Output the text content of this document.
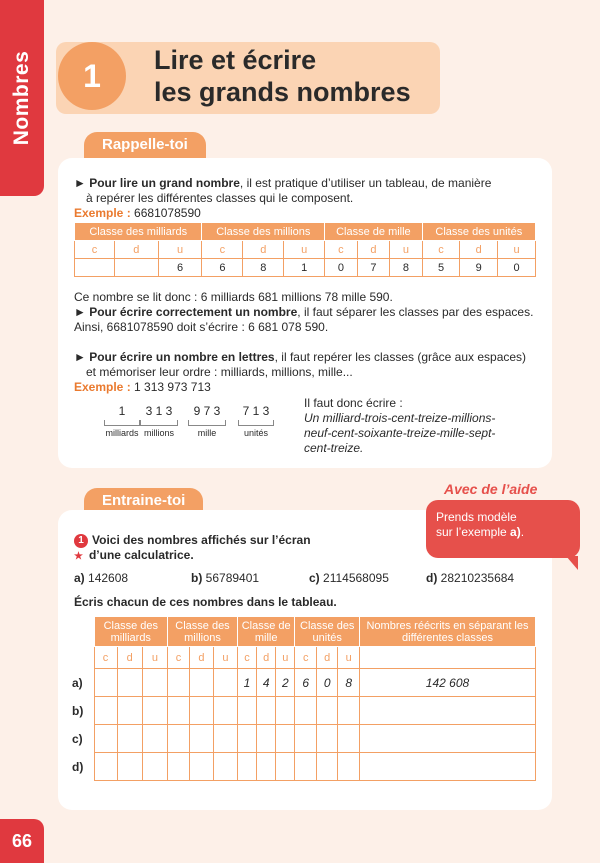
Nombres
66
1	Lire et écrire
les grands nombres
Rappelle-toi
► Pour lire un grand nombre, il est pratique d’utiliser un tableau, de manière
à repérer les différentes classes qui le composent.
Exemple : 6681078590
Classe des milliards			Classe des millions			Classe de mille			Classe des unités		
c	d	u	c	d	u	c	d	u	c	d	u
		6	6	8	1	0	7	8	5	9	0
Ce nombre se lit donc : 6 milliards 681 millions 78 mille 590.
► Pour écrire correctement un nombre, il faut séparer les classes par des espaces.
Ainsi, 6681078590 doit s’écrire : 6 681 078 590.
► Pour écrire un nombre en lettres, il faut repérer les classes (grâce aux espaces)
et mémoriser leur ordre : milliards, millions, mille...
Exemple : 1 313 973 713
1
milliards
3 1 3
millions
9 7 3
mille
7 1 3
unités
Il faut donc écrire :
Un milliard-trois-cent-treize-millions-
neuf-cent-soixante-treize-mille-sept-
cent-treize.
Entraine-toi
Avec de l’aide
Prends modèle
sur l’exemple a).
1 Voici des nombres affichés sur l’écran
★ d’une calculatrice.
a) 142608	b) 56789401	c) 2114568095	d) 28210235684
Écris chacun de ces nombres dans le tableau.
	Classe des milliards			Classe des millions			Classe de mille			Classe des unités			Nombres réécrits en séparant les différentes classes
	c	d	u	c	d	u	c	d	u	c	d	u	
a)							1	4	2	6	0	8	142 608
b)													
c)													
d)													
